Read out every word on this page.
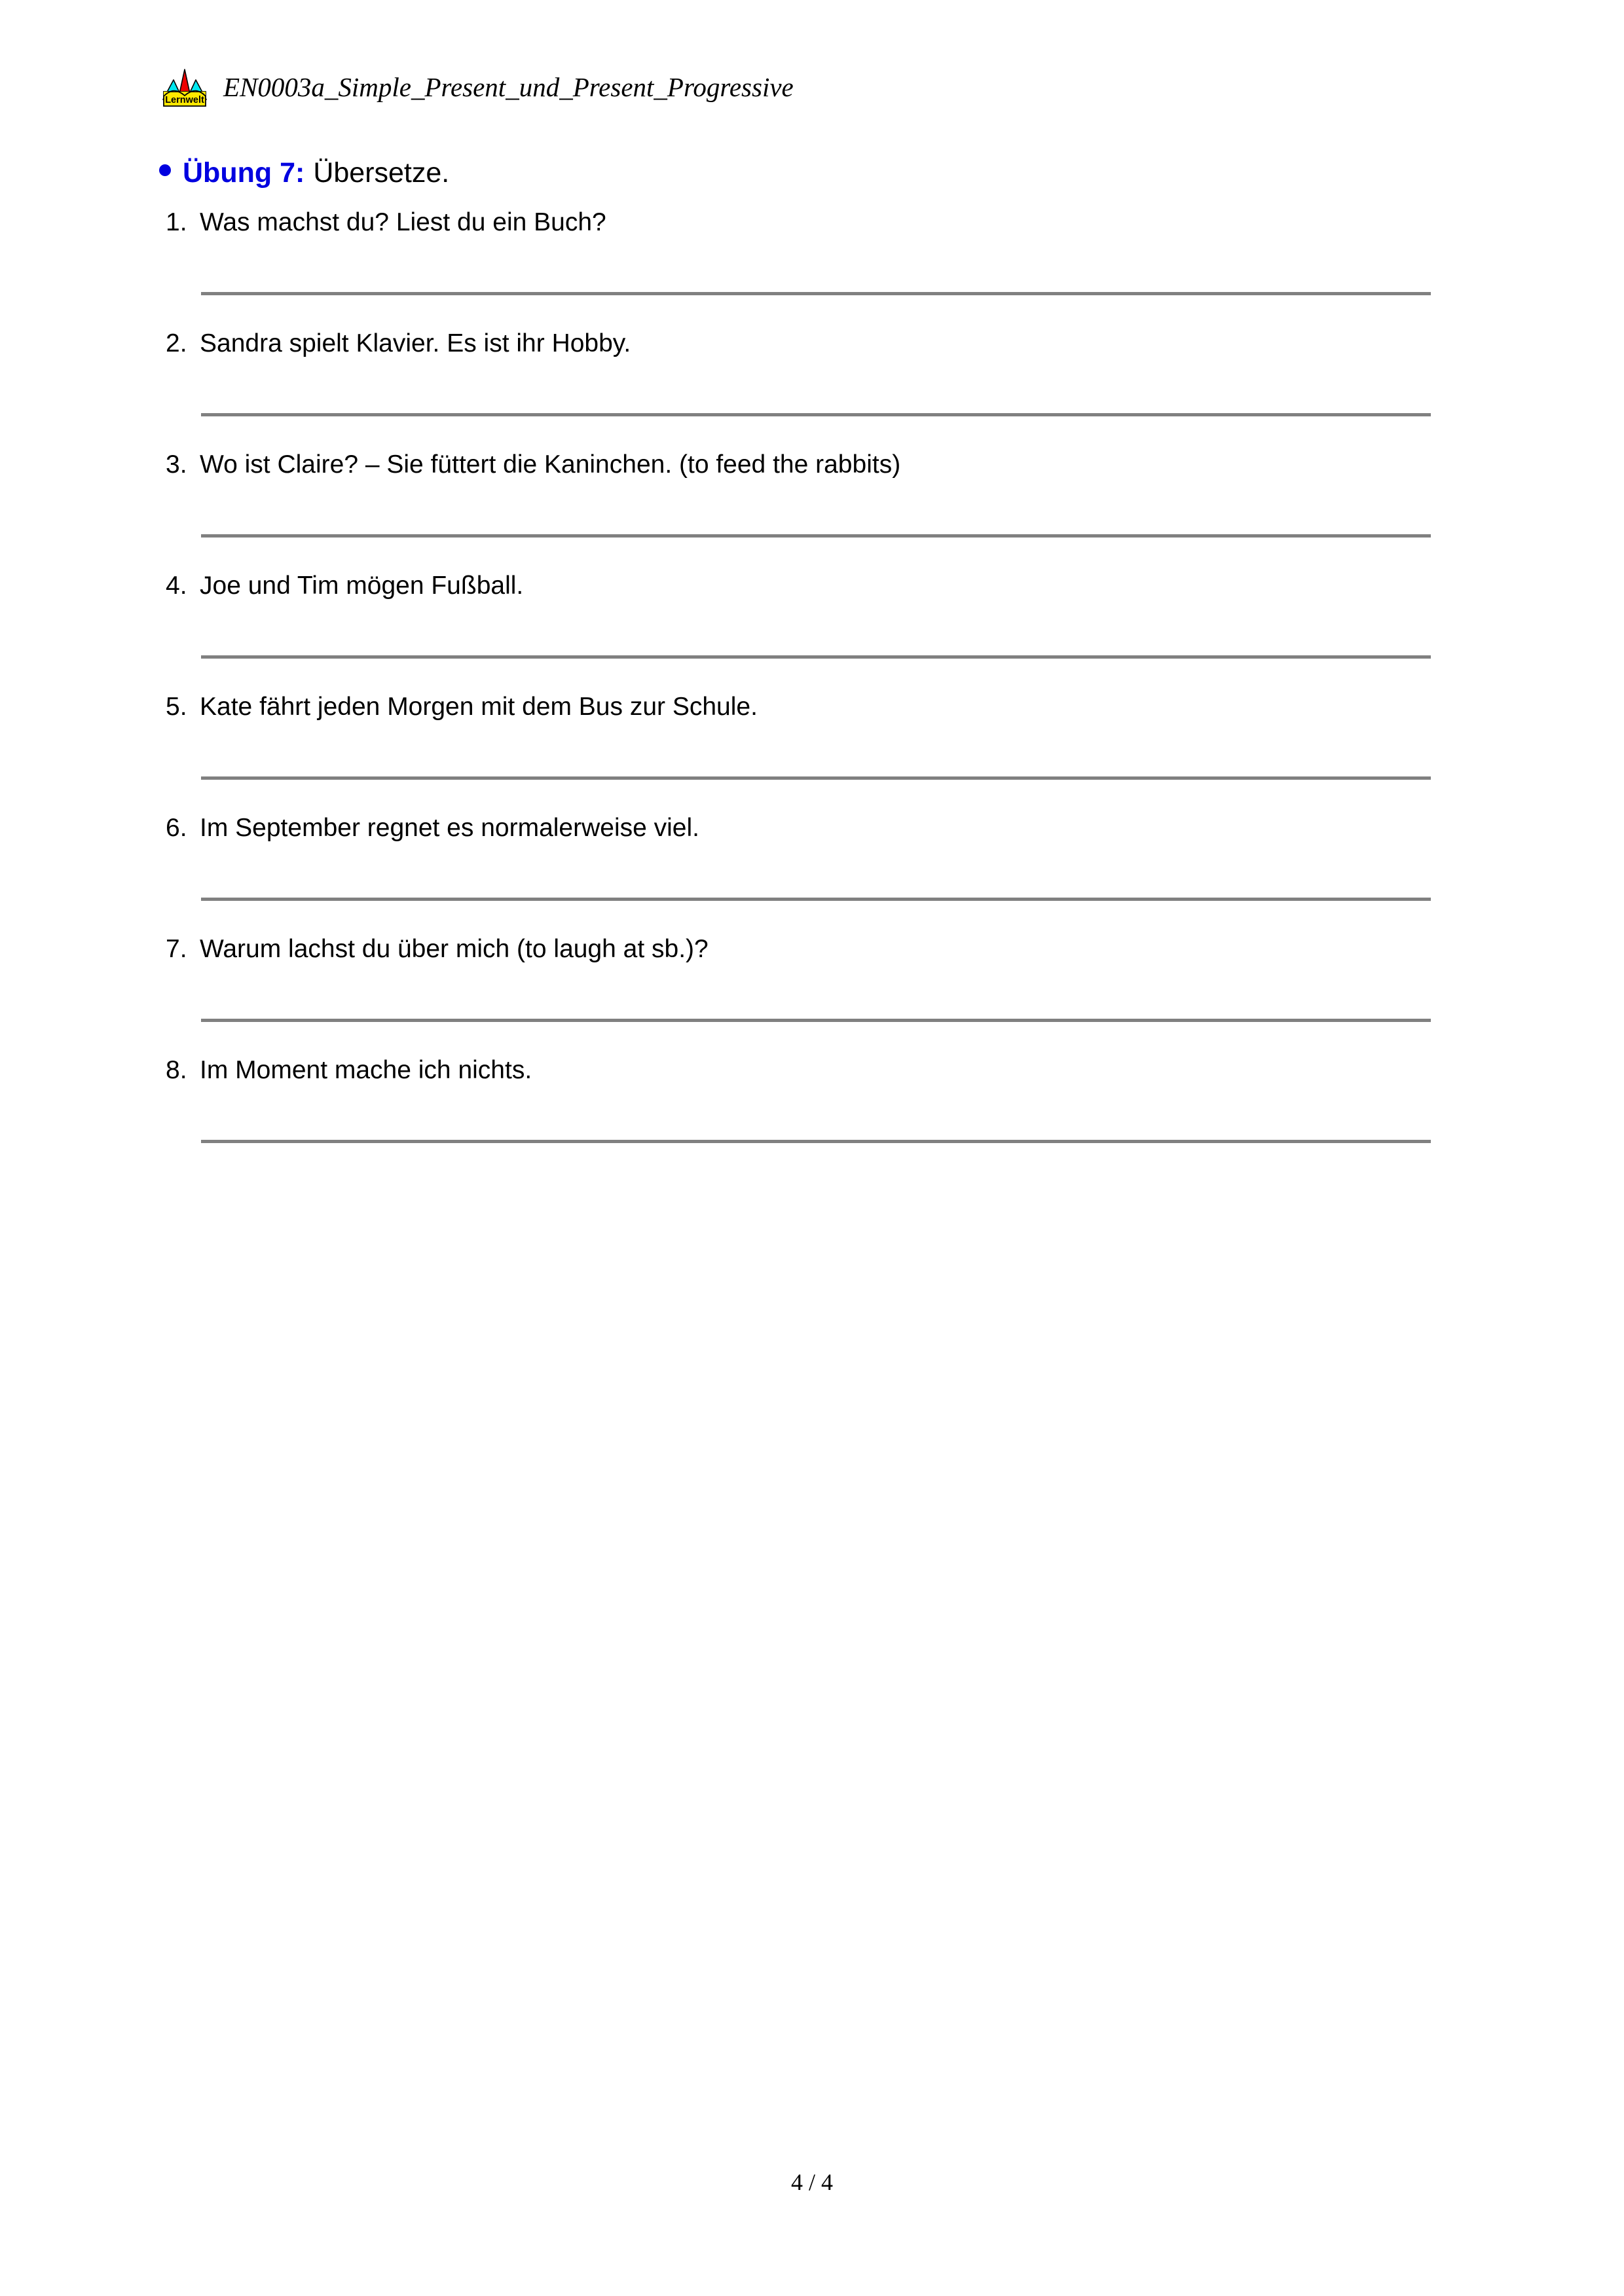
Lernwelt EN0003a_Simple_Present_und_Present_Progressive
Übung 7: Übersetze.
1. Was machst du? Liest du ein Buch?
2. Sandra spielt Klavier. Es ist ihr Hobby.
3. Wo ist Claire? – Sie füttert die Kaninchen. (to feed the rabbits)
4. Joe und Tim mögen Fußball.
5. Kate fährt jeden Morgen mit dem Bus zur Schule.
6. Im September regnet es normalerweise viel.
7. Warum lachst du über mich (to laugh at sb.)?
8. Im Moment mache ich nichts.
4 / 4
